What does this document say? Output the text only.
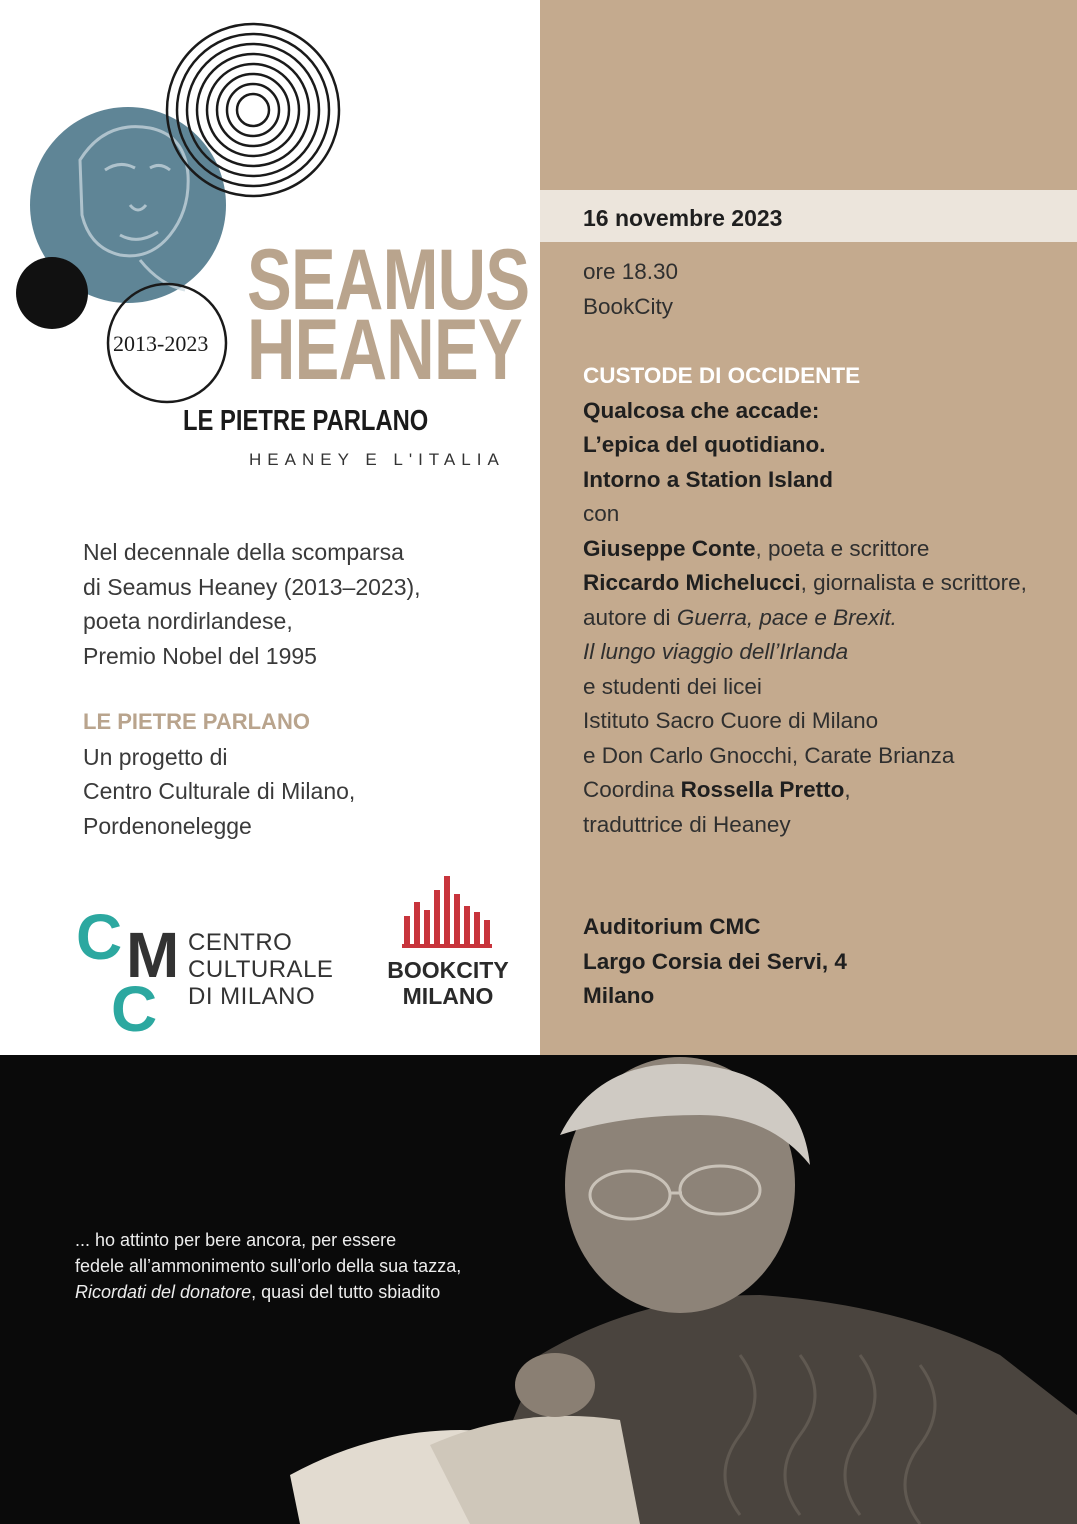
2013-2023
SEAMUS
HEANEY
LE PIETRE PARLANO
HEANEY E L'ITALIA
Nel decennale della scomparsa
di Seamus Heaney (2013–2023),
poeta nordirlandese,
Premio Nobel del 1995
LE PIETRE PARLANO
Un progetto di
Centro Culturale di Milano,
Pordenonelegge
C M
C
CENTRO
CULTURALE
DI MILANO
BOOKCITY
MILANO
16 novembre 2023
ore 18.30
BookCity
CUSTODE DI OCCIDENTE
Qualcosa che accade:
L’epica del quotidiano.
Intorno a Station Island
con
Giuseppe Conte, poeta e scrittore
Riccardo Michelucci, giornalista e scrittore,
autore di Guerra, pace e Brexit.
Il lungo viaggio dell’Irlanda
e studenti dei licei
Istituto Sacro Cuore di Milano
e Don Carlo Gnocchi, Carate Brianza
Coordina Rossella Pretto,
traduttrice di Heaney
Auditorium CMC
Largo Corsia dei Servi, 4
Milano
... ho attinto per bere ancora, per essere
fedele all’ammonimento sull’orlo della sua tazza,
Ricordati del donatore, quasi del tutto sbiadito
